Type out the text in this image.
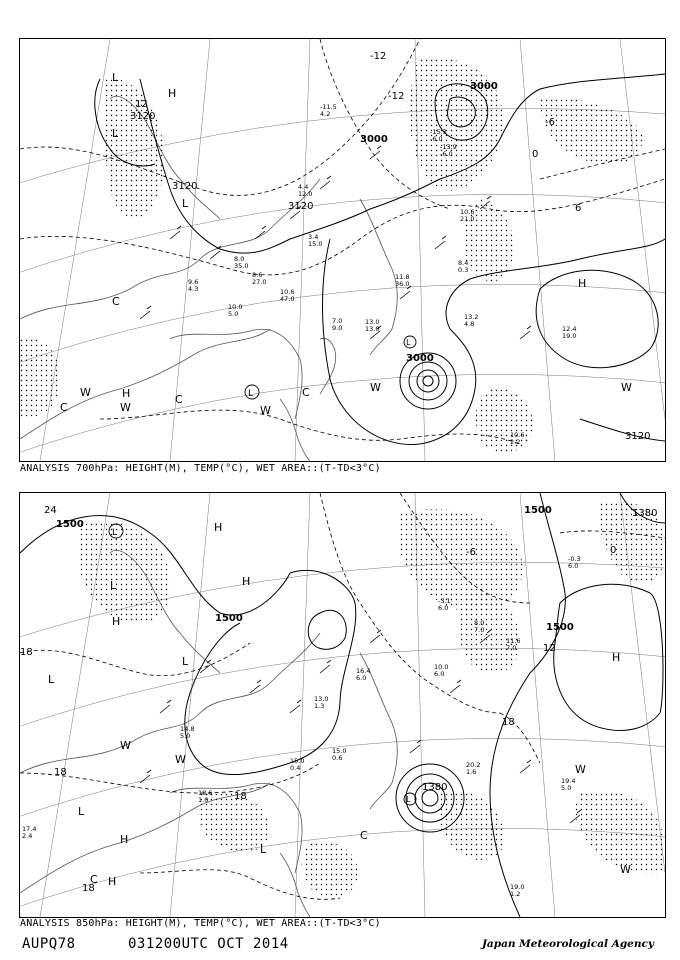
3120
3120
3120
3000
3000
3000
3120
12
L
L
L
H
H
H
L
L
C
C
C
C
W
W	W
W	W
-12
-12
6
0
-6
9.6
4.3
10.0
5.0
10.6
47.0
8.6
27.0
8.0
35.0
3.4
15.0
11.8
36.0
13.0
13.0
13.2
4.8
12.4
19.0
10.6
2.2
7.0
9.0
-15.3
-6.0
-13.9
-6.0
-11.5
4.2
10.6
21.0
8.4
0.3
4.4
12.0
ANALYSIS 700hPa: HEIGHT(M), TEMP(°C), WET AREA::(T-TD<3°C)
1500
1500
1500
1500
1380
1380
L
L
L
L
L
L
L
H
H
H
H
H
H
C
C
W
W
W
W
24
18
18
18
18
18
12
0
-6
17.4
2.4
18.6
1.0
16.4
6.0
15.0
0.6
20.2
1.6
19.4
5.0
19.0
1.2
15.0
0.4
10.0
6.0
8.0
7.0
14.8
5.0
-3.1
6.0
-0.3
6.0
11.6
7.0
13.0
1.3
ANALYSIS 850hPa: HEIGHT(M), TEMP(°C), WET AREA::(T-TD<3°C)
AUPQ78	031200UTC OCT 2014	Japan Meteorological Agency
